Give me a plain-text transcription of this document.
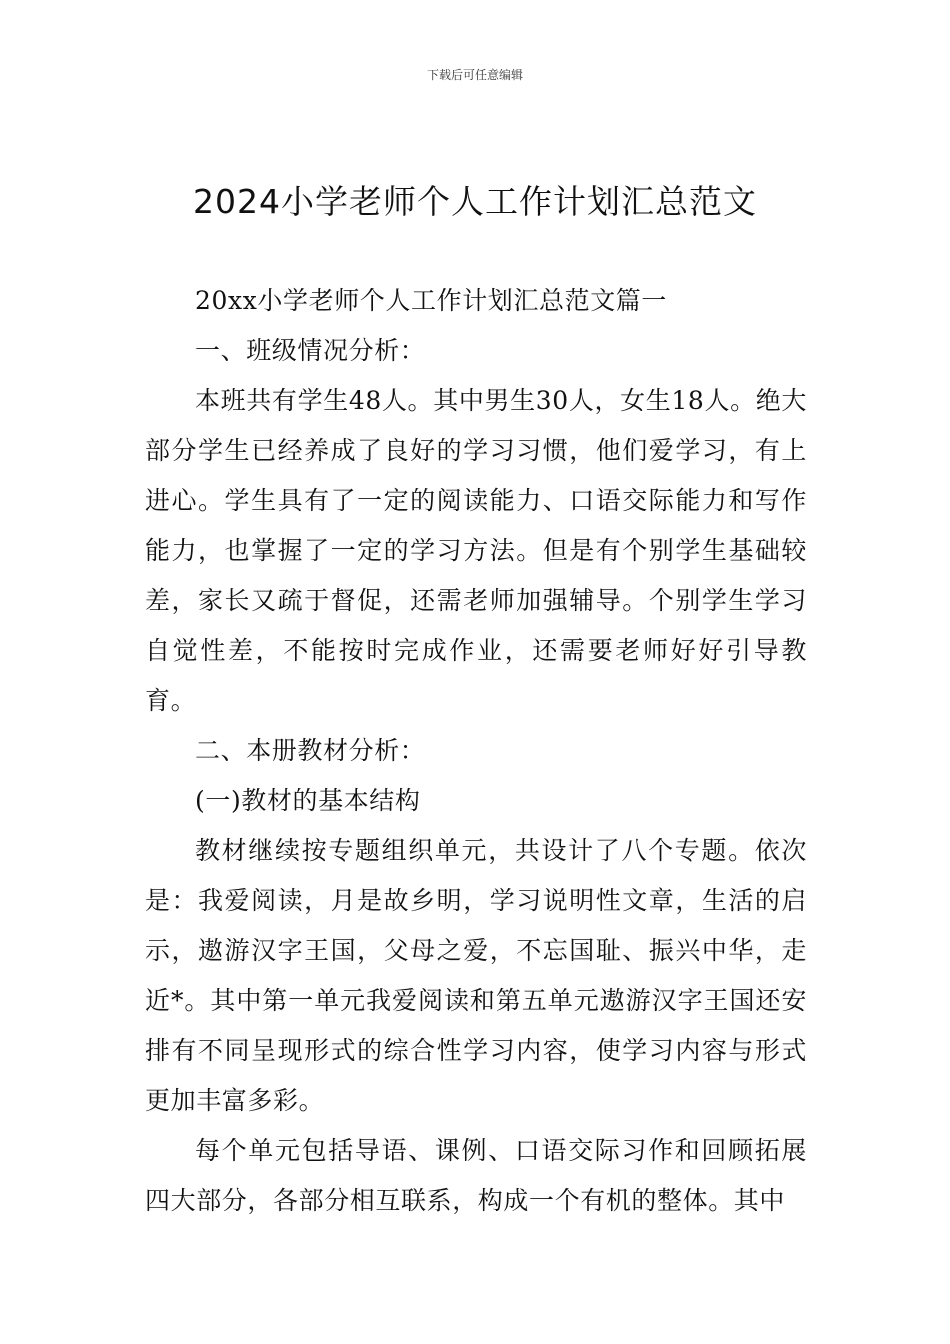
下载后可任意编辑
2024小学老师个人工作计划汇总范文

20xx小学老师个人工作计划汇总范文篇一

一、班级情况分析：

本班共有学生48人。其中男生30人，女生18人。绝大部分学生已经养成了良好的学习习惯，他们爱学习，有上进心。学生具有了一定的阅读能力、口语交际能力和写作能力，也掌握了一定的学习方法。但是有个别学生基础较差，家长又疏于督促，还需老师加强辅导。个别学生学习自觉性差，不能按时完成作业，还需要老师好好引导教育。

二、本册教材分析：

(一)教材的基本结构

教材继续按专题组织单元，共设计了八个专题。依次是：我爱阅读，月是故乡明，学习说明性文章，生活的启示，遨游汉字王国，父母之爱，不忘国耻、振兴中华，走近*。其中第一单元我爱阅读和第五单元遨游汉字王国还安排有不同呈现形式的综合性学习内容，使学习内容与形式更加丰富多彩。

每个单元包括导语、课例、口语交际习作和回顾拓展四大部分，各部分相互联系，构成一个有机的整体。其中
